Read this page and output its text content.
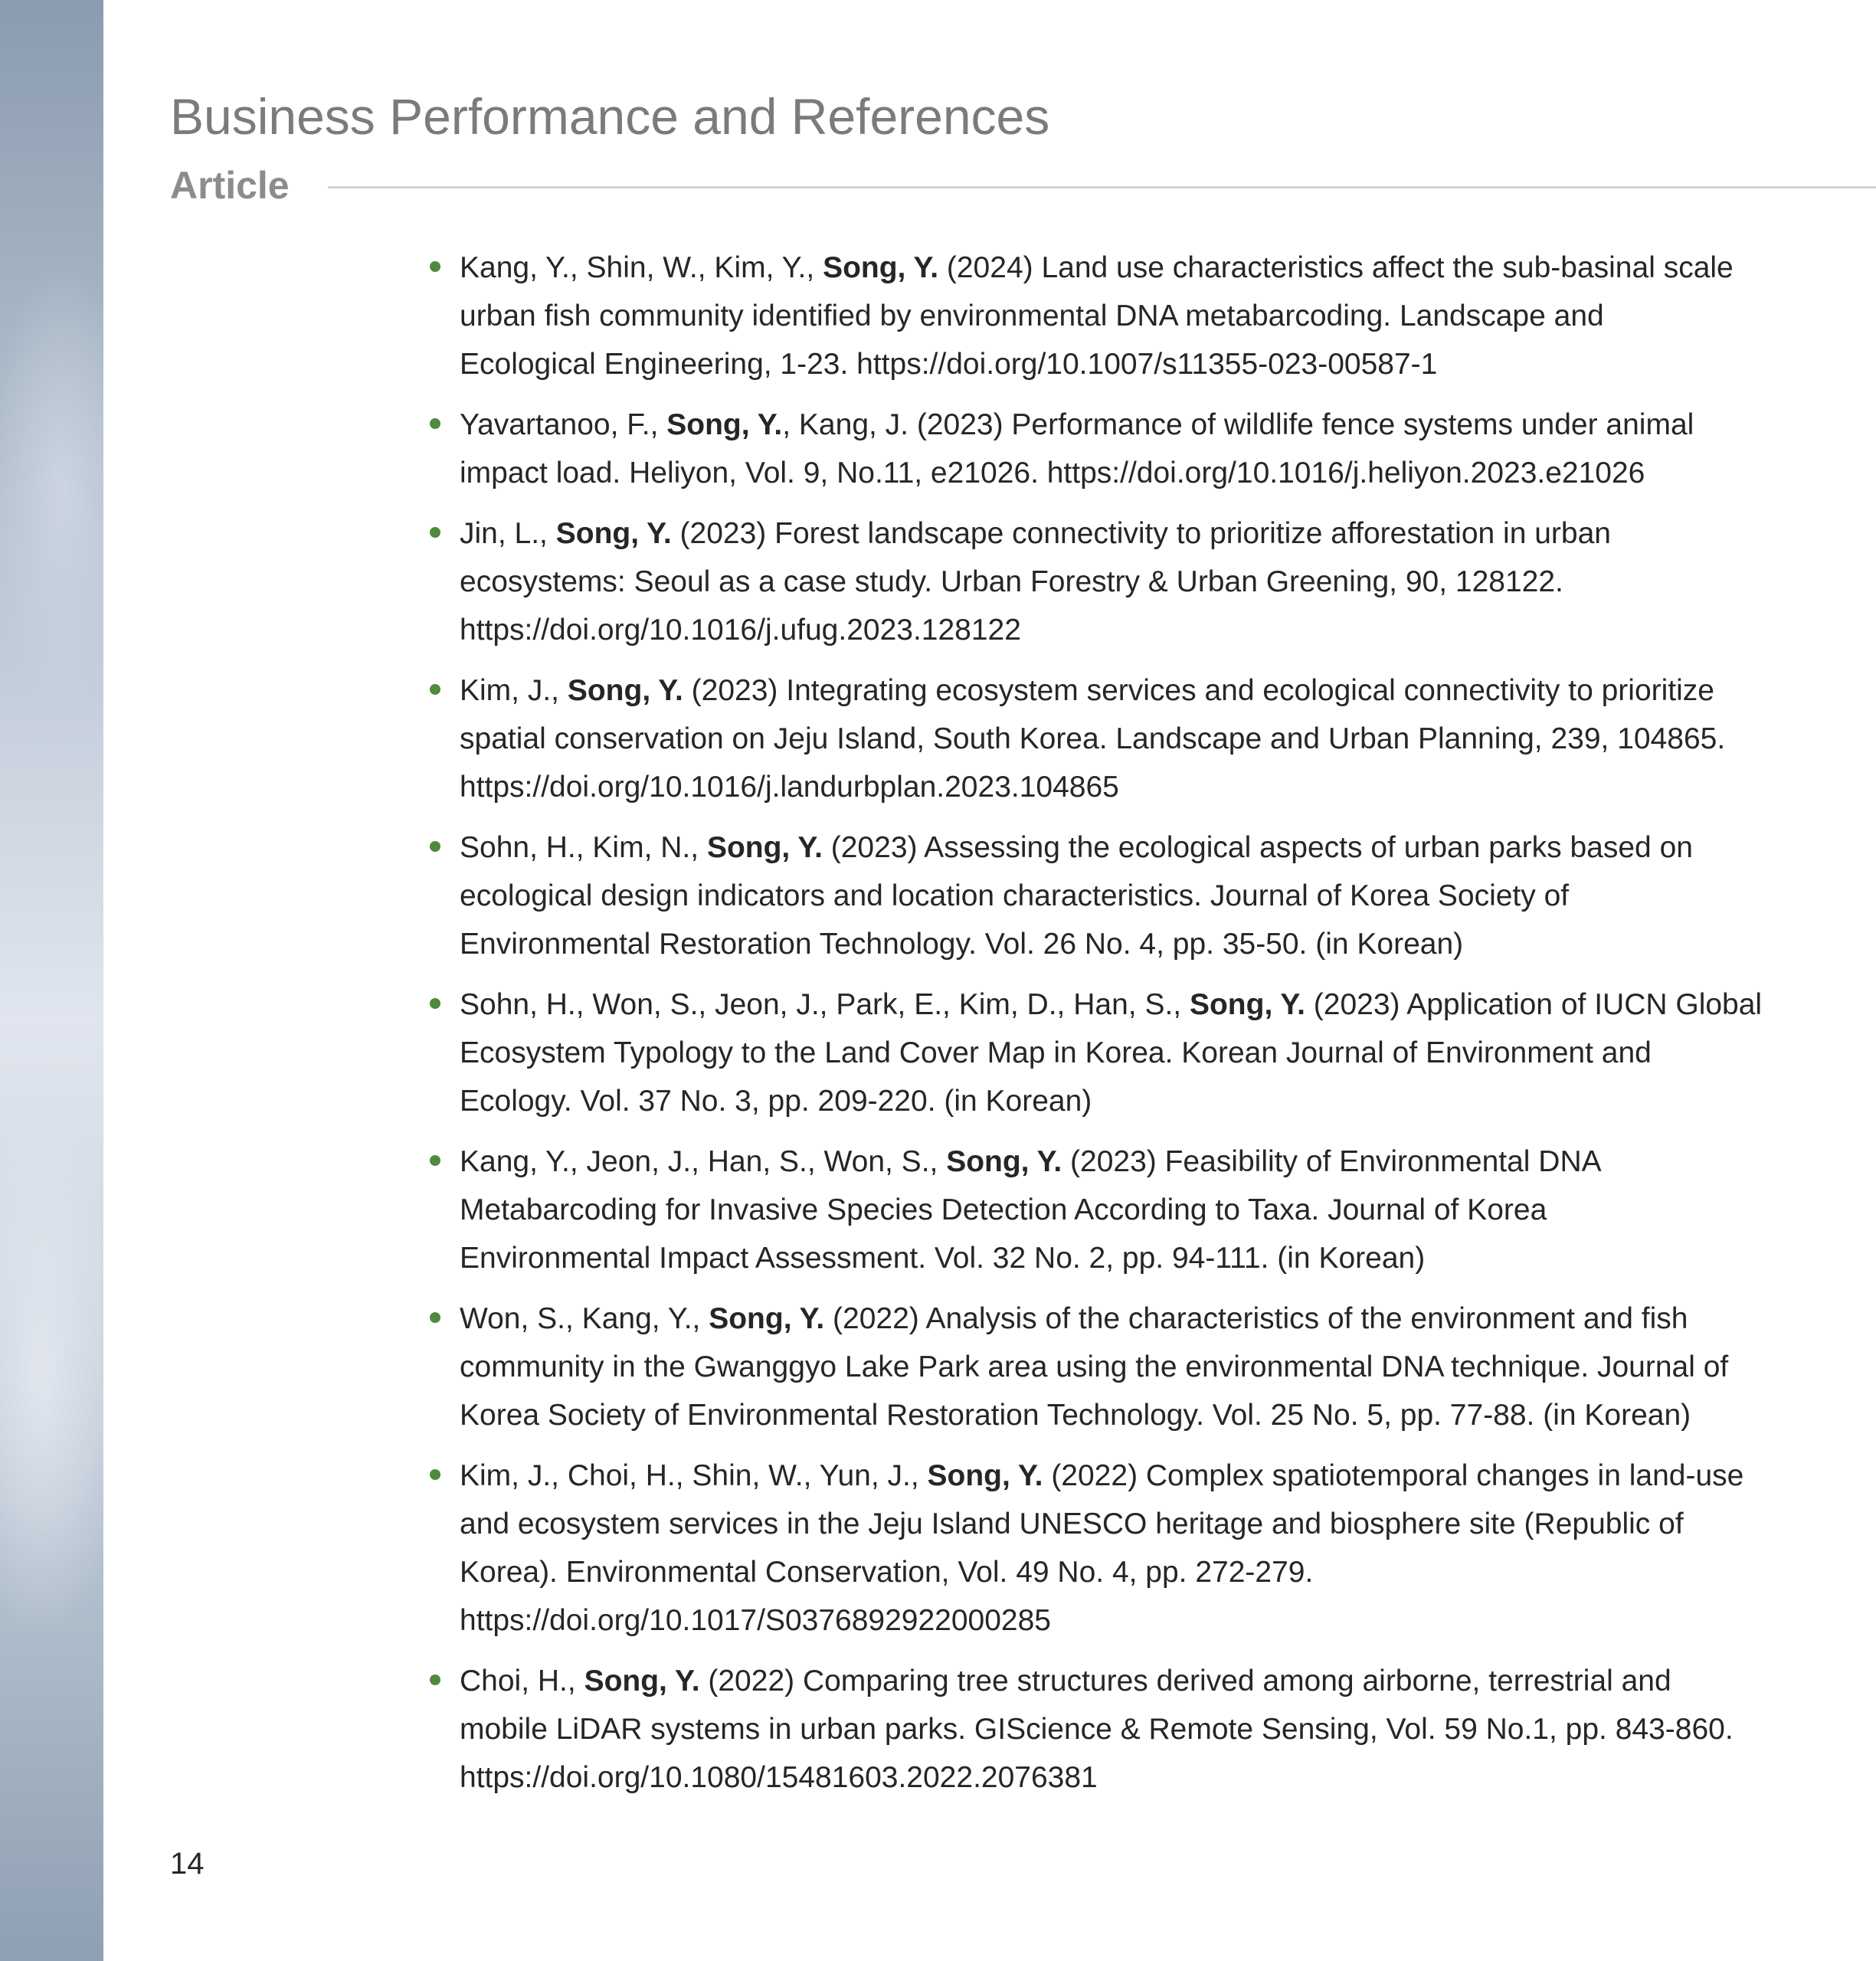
Business Performance and References
Article
Kang, Y., Shin, W., Kim, Y., Song, Y. (2024) Land use characteristics affect the sub-basinal scale
urban fish community identified by environmental DNA metabarcoding. Landscape and
Ecological Engineering, 1-23. https://doi.org/10.1007/s11355-023-00587-1
Yavartanoo, F., Song, Y., Kang, J. (2023) Performance of wildlife fence systems under animal
impact load. Heliyon, Vol. 9, No.11, e21026. https://doi.org/10.1016/j.heliyon.2023.e21026
Jin, L., Song, Y. (2023) Forest landscape connectivity to prioritize afforestation in urban
ecosystems: Seoul as a case study. Urban Forestry & Urban Greening, 90, 128122.
https://doi.org/10.1016/j.ufug.2023.128122
Kim, J., Song, Y. (2023) Integrating ecosystem services and ecological connectivity to prioritize
spatial conservation on Jeju Island, South Korea. Landscape and Urban Planning, 239, 104865.
https://doi.org/10.1016/j.landurbplan.2023.104865
Sohn, H., Kim, N., Song, Y. (2023) Assessing the ecological aspects of urban parks based on
ecological design indicators and location characteristics. Journal of Korea Society of
Environmental Restoration Technology. Vol. 26 No. 4, pp. 35-50. (in Korean)
Sohn, H., Won, S., Jeon, J., Park, E., Kim, D., Han, S., Song, Y. (2023) Application of IUCN Global
Ecosystem Typology to the Land Cover Map in Korea. Korean Journal of Environment and
Ecology. Vol. 37 No. 3, pp. 209-220. (in Korean)
Kang, Y., Jeon, J., Han, S., Won, S., Song, Y. (2023) Feasibility of Environmental DNA
Metabarcoding for Invasive Species Detection According to Taxa. Journal of Korea
Environmental Impact Assessment. Vol. 32 No. 2, pp. 94-111. (in Korean)
Won, S., Kang, Y., Song, Y. (2022) Analysis of the characteristics of the environment and fish
community in the Gwanggyo Lake Park area using the environmental DNA technique. Journal of
Korea Society of Environmental Restoration Technology. Vol. 25 No. 5, pp. 77-88. (in Korean)
Kim, J., Choi, H., Shin, W., Yun, J., Song, Y. (2022) Complex spatiotemporal changes in land-use
and ecosystem services in the Jeju Island UNESCO heritage and biosphere site (Republic of
Korea). Environmental Conservation, Vol. 49 No. 4, pp. 272-279.
https://doi.org/10.1017/S0376892922000285
Choi, H., Song, Y. (2022) Comparing tree structures derived among airborne, terrestrial and
mobile LiDAR systems in urban parks. GIScience & Remote Sensing, Vol. 59 No.1, pp. 843-860.
https://doi.org/10.1080/15481603.2022.2076381
14
